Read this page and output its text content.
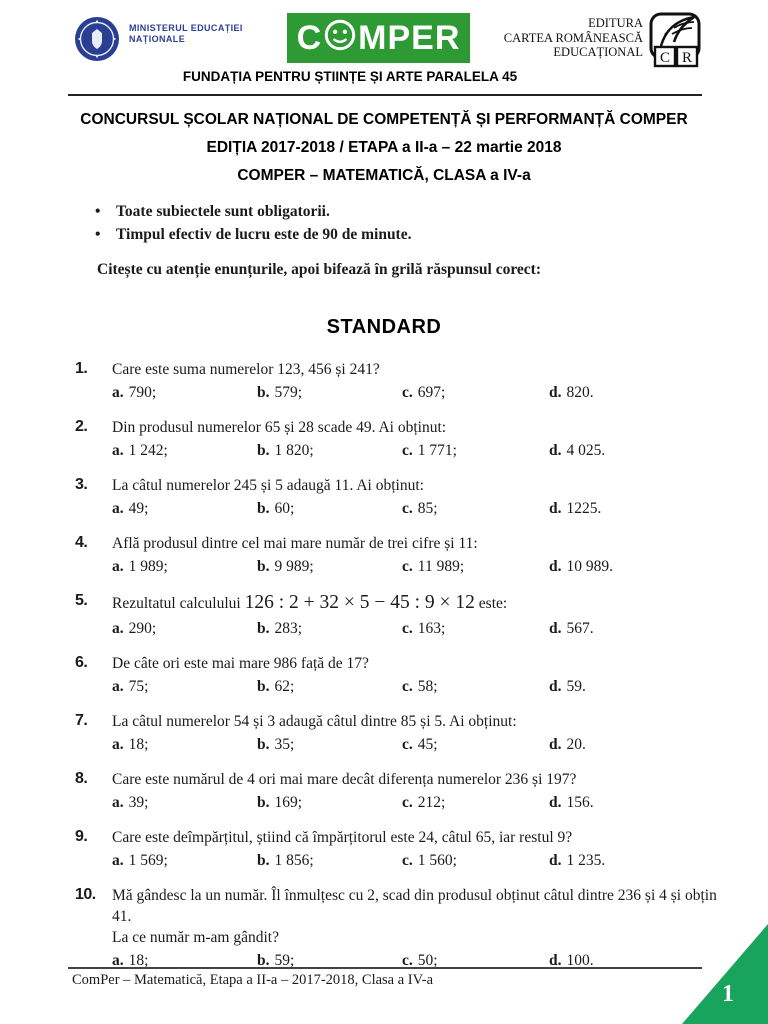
MINISTERUL EDUCAȚIEI
NAȚIONALE	C MPER	EDITURA
CARTEA ROMÂNEASCĂ
EDUCAȚIONAL C R
FUNDAȚIA PENTRU ȘTIINȚE ȘI ARTE PARALELA 45
CONCURSUL ȘCOLAR NAȚIONAL DE COMPETENȚĂ ȘI PERFORMANȚĂ COMPER
EDIȚIA 2017-2018 / ETAPA a II-a – 22 martie 2018
COMPER – MATEMATICĂ, CLASA a IV-a
•	Toate subiectele sunt obligatorii.
•	Timpul efectiv de lucru este de 90 de minute.
Citește cu atenție enunțurile, apoi bifează în grilă răspunsul corect:
STANDARD
1. Care este suma numerelor 123, 456 și 241?
a. 790;	b. 579;	c. 697;	d. 820.
2. Din produsul numerelor 65 și 28 scade 49. Ai obținut:
a. 1 242;	b. 1 820;	c. 1 771;	d. 4 025.
3. La câtul numerelor 245 și 5 adaugă 11. Ai obținut:
a. 49;	b. 60;	c. 85;	d. 1225.
4. Află produsul dintre cel mai mare număr de trei cifre și 11:
a. 1 989;	b. 9 989;	c. 11 989;	d. 10 989.
5. Rezultatul calculului 126 : 2 + 32 × 5 − 45 : 9 × 12 este:
a. 290;	b. 283;	c. 163;	d. 567.
6. De câte ori este mai mare 986 față de 17?
a. 75;	b. 62;	c. 58;	d. 59.
7. La câtul numerelor 54 și 3 adaugă câtul dintre 85 și 5. Ai obținut:
a. 18;	b. 35;	c. 45;	d. 20.
8. Care este numărul de 4 ori mai mare decât diferența numerelor 236 și 197?
a. 39;	b. 169;	c. 212;	d. 156.
9. Care este deîmpărțitul, știind că împărțitorul este 24, câtul 65, iar restul 9?
a. 1 569;	b. 1 856;	c. 1 560;	d. 1 235.
10. Mă gândesc la un număr. Îl înmulțesc cu 2, scad din produsul obținut câtul dintre 236 și 4 și obțin 41.
La ce număr m-am gândit?
a. 18;	b. 59;	c. 50;	d. 100.
ComPer – Matematică, Etapa a II-a – 2017-2018, Clasa a IV-a
1
